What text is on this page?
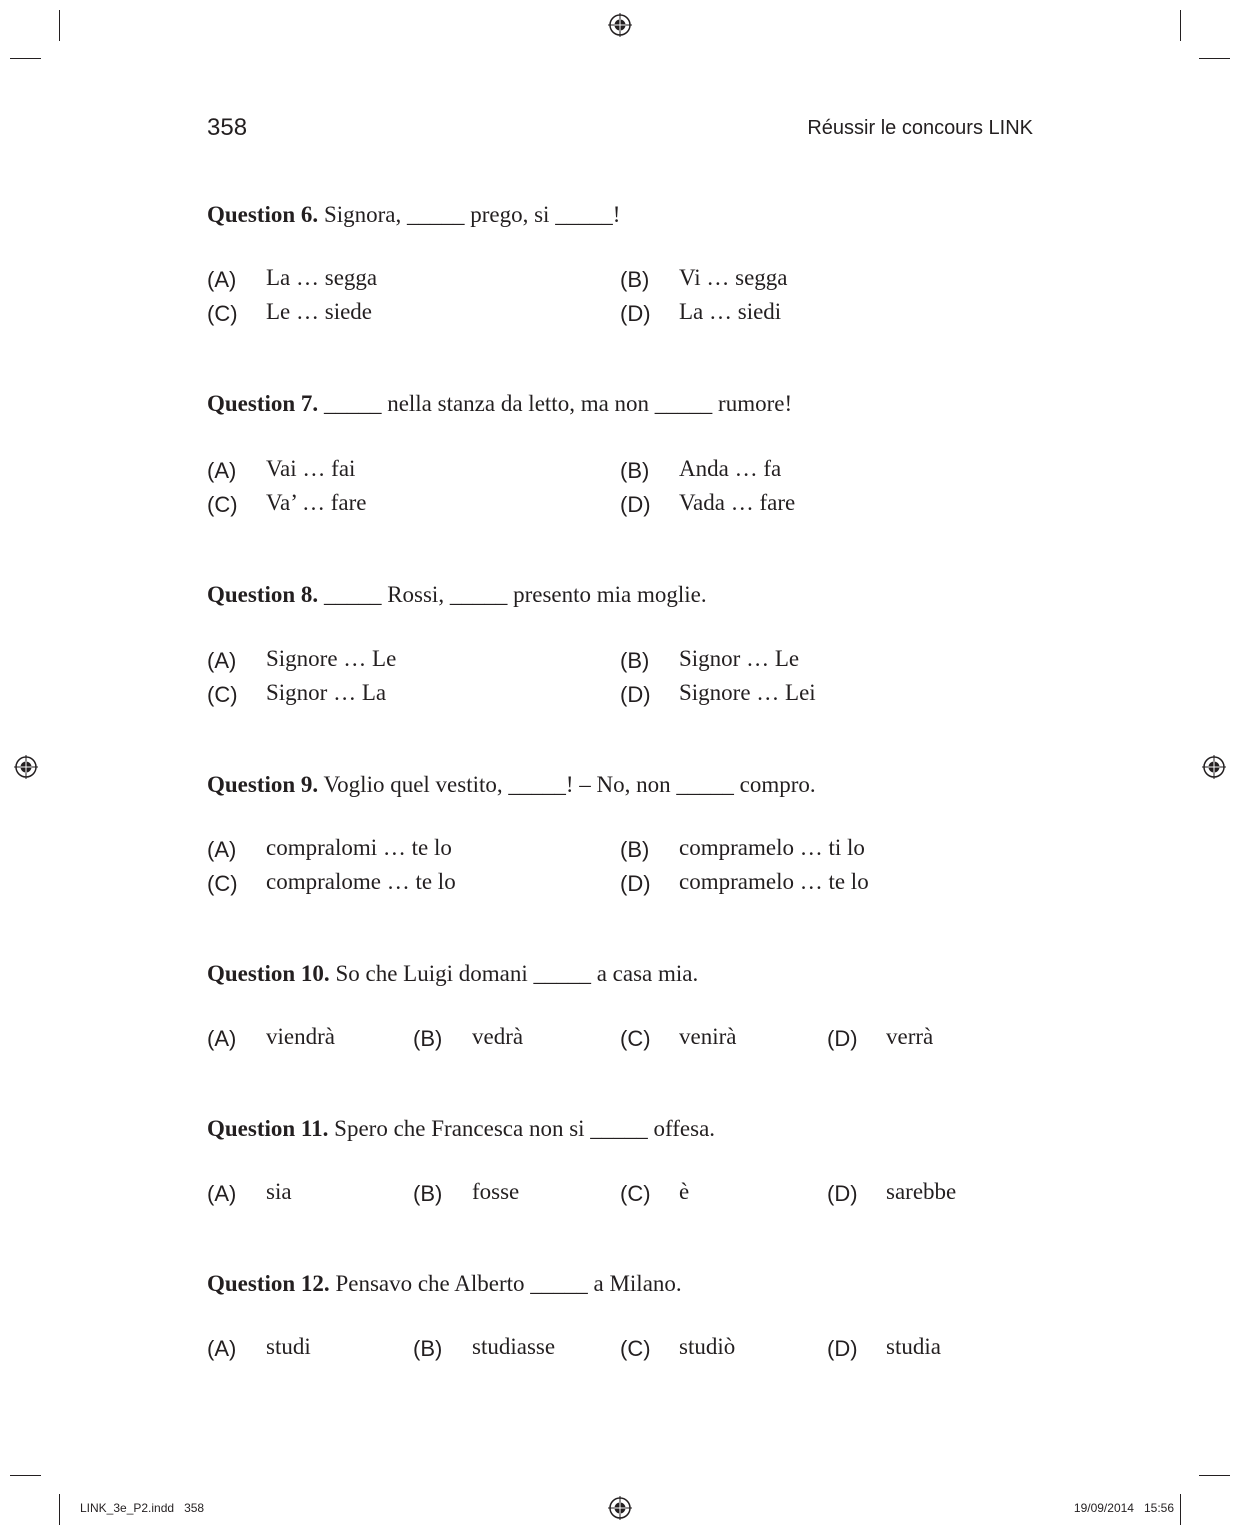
358	Réussir le concours LINK
Question 6. Signora, _____ prego, si _____!
(A) La … segga	(B) Vi … segga
(C) Le … siede	(D) La … siedi
Question 7. _____ nella stanza da letto, ma non _____ rumore!
(A) Vai … fai	(B) Anda … fa
(C) Va’ … fare	(D) Vada … fare
Question 8. _____ Rossi, _____ presento mia moglie.
(A) Signore … Le	(B) Signor … Le
(C) Signor … La	(D) Signore … Lei
Question 9. Voglio quel vestito, _____! – No, non _____ compro.
(A) compralomi … te lo	(B) compramelo … ti lo
(C) compralome … te lo	(D) compramelo … te lo
Question 10. So che Luigi domani _____ a casa mia.
(A) viendrà	(B) vedrà	(C) venirà	(D) verrà
Question 11. Spero che Francesca non si _____ offesa.
(A) sia	(B) fosse	(C) è	(D) sarebbe
Question 12. Pensavo che Alberto _____ a Milano.
(A) studi	(B) studiasse	(C) studiò	(D) studia
LINK_3e_P2.indd   358	19/09/2014   15:56
